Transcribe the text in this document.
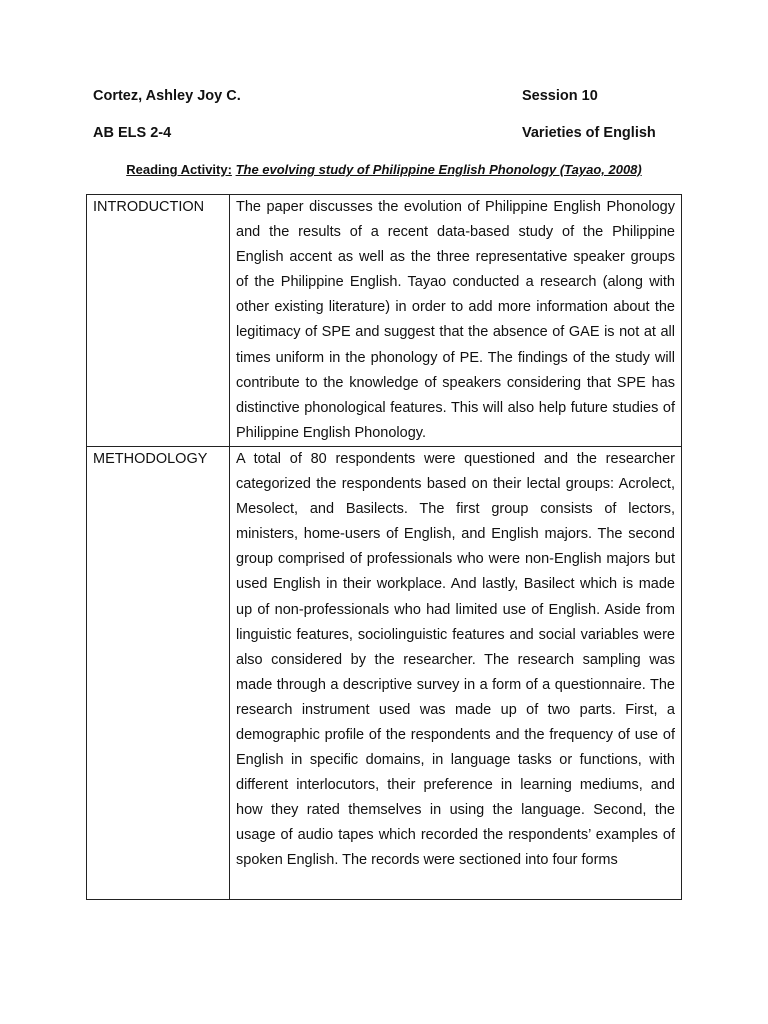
Cortez, Ashley Joy C.	Session 10
AB ELS 2-4	Varieties of English
Reading Activity: The evolving study of Philippine English Phonology (Tayao, 2008)
INTRODUCTION	The paper discusses the evolution of Philippine English Phonology and the results of a recent data-based study of the Philippine English accent as well as the three representative speaker groups of the Philippine English. Tayao conducted a research (along with other existing literature) in order to add more information about the legitimacy of SPE and suggest that the absence of GAE is not at all times uniform in the phonology of PE. The findings of the study will contribute to the knowledge of speakers considering that SPE has distinctive phonological features. This will also help future studies of Philippine English Phonology.
METHODOLOGY	A total of 80 respondents were questioned and the researcher categorized the respondents based on their lectal groups: Acrolect, Mesolect, and Basilects. The first group consists of lectors, ministers, home-users of English, and English majors. The second group comprised of professionals who were non-English majors but used English in their workplace. And lastly, Basilect which is made up of non-professionals who had limited use of English. Aside from linguistic features, sociolinguistic features and social variables were also considered by the researcher. The research sampling was made through a descriptive survey in a form of a questionnaire. The research instrument used was made up of two parts. First, a demographic profile of the respondents and the frequency of use of English in specific domains, in language tasks or functions, with different interlocutors, their preference in learning mediums, and how they rated themselves in using the language. Second, the usage of audio tapes which recorded the respondents’ examples of spoken English. The records were sectioned into four forms
